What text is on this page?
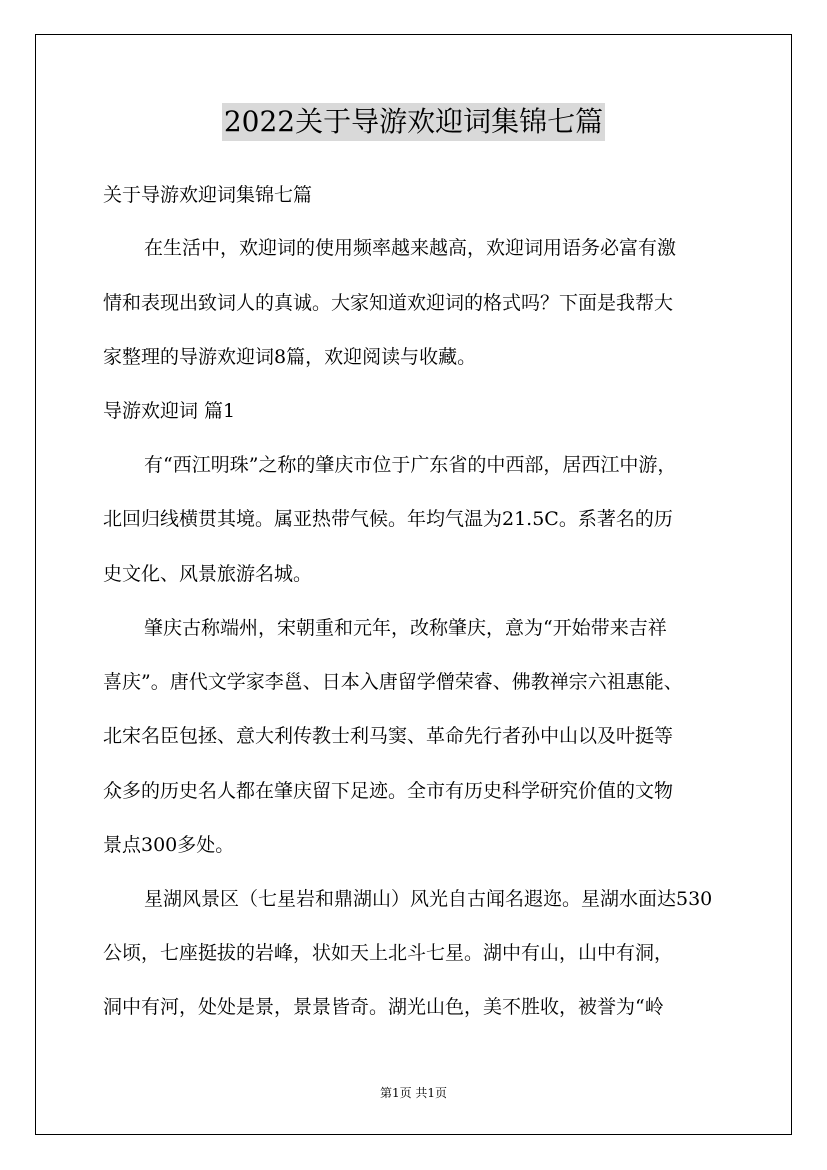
2022关于导游欢迎词集锦七篇
关于导游欢迎词集锦七篇
在生活中，欢迎词的使用频率越来越高，欢迎词用语务必富有激
情和表现出致词人的真诚。大家知道欢迎词的格式吗？下面是我帮大
家整理的导游欢迎词8篇，欢迎阅读与收藏。
导游欢迎词 篇1
有“西江明珠”之称的肇庆市位于广东省的中西部，居西江中游，
北回归线横贯其境。属亚热带气候。年均气温为21.5C。系著名的历
史文化、风景旅游名城。
肇庆古称端州，宋朝重和元年，改称肇庆，意为“开始带来吉祥
喜庆”。唐代文学家李邕、日本入唐留学僧荣睿、佛教禅宗六祖惠能、
北宋名臣包拯、意大利传教士利马窦、革命先行者孙中山以及叶挺等
众多的历史名人都在肇庆留下足迹。全市有历史科学研究价值的文物
景点300多处。
星湖风景区（七星岩和鼎湖山）风光自古闻名遐迩。星湖水面达530
公顷，七座挺拔的岩峰，状如天上北斗七星。湖中有山，山中有洞，
洞中有河，处处是景，景景皆奇。湖光山色，美不胜收，被誉为“岭
第1页 共1页
